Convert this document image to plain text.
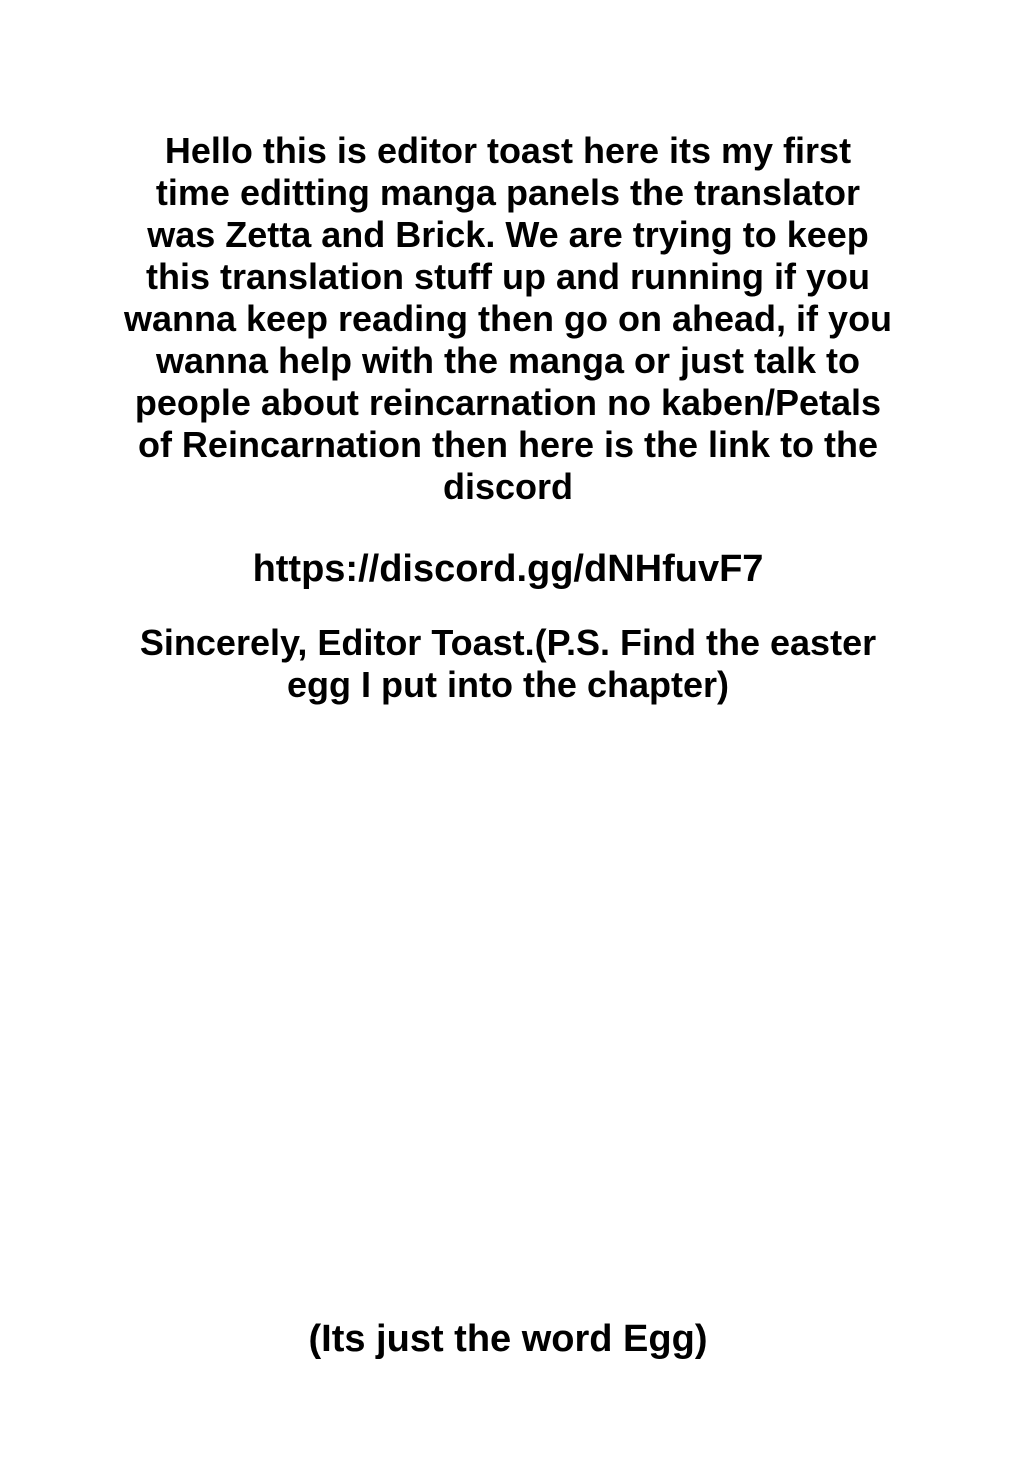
Hello this is editor toast here its my first
time editting manga panels the translator
was Zetta and Brick. We are trying to keep
this translation stuff up and running if you
wanna keep reading then go on ahead, if you
wanna help with the manga or just talk to
people about reincarnation no kaben/Petals
of Reincarnation then here is the link to the
discord
https://discord.gg/dNHfuvF7
Sincerely, Editor Toast.(P.S. Find the easter
egg I put into the chapter)
(Its just the word Egg)
